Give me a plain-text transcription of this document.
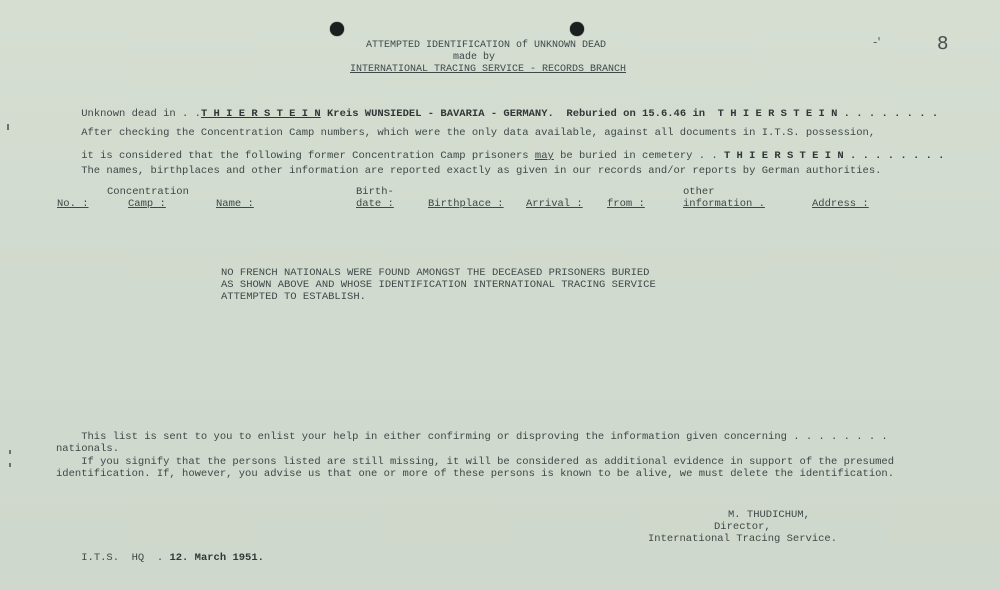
ATTEMPTED IDENTIFICATION of UNKNOWN DEAD
made by
INTERNATIONAL TRACING SERVICE - RECORDS BRANCH
-'	8

Unknown dead in . .T H I E R S T E I N Kreis WUNSIEDEL - BAVARIA - GERMANY.  Reburied on 15.6.46 in  T H I E R S T E I N . . . . . . . .

After checking the Concentration Camp numbers, which were the only data available, against all documents in I.T.S. possession,

it is considered that the following former Concentration Camp prisoners may be buried in cemetery . . T H I E R S T E I N . . . . . . . .

The names, birthplaces and other information are reported exactly as given in our records and/or reports by German authorities.
Concentration	Birth-	other
No. :	Camp :	Name :	date :	Birthplace : Arrival : from :	information .	Address :
NO FRENCH NATIONALS WERE FOUND AMONGST THE DECEASED PRISONERS BURIED
AS SHOWN ABOVE AND WHOSE IDENTIFICATION INTERNATIONAL TRACING SERVICE
ATTEMPTED TO ESTABLISH.
This list is sent to you to enlist your help in either confirming or disproving the information given concerning . . . . . . . .
nationals.
If you signify that the persons listed are still missing, it will be considered as additional evidence in support of the presumed
identification. If, however, you advise us that one or more of these persons is known to be alive, we must delete the identification.
M. THUDICHUM,
Director,
International Tracing Service.

I.T.S.  HQ  . 12. March 1951.
